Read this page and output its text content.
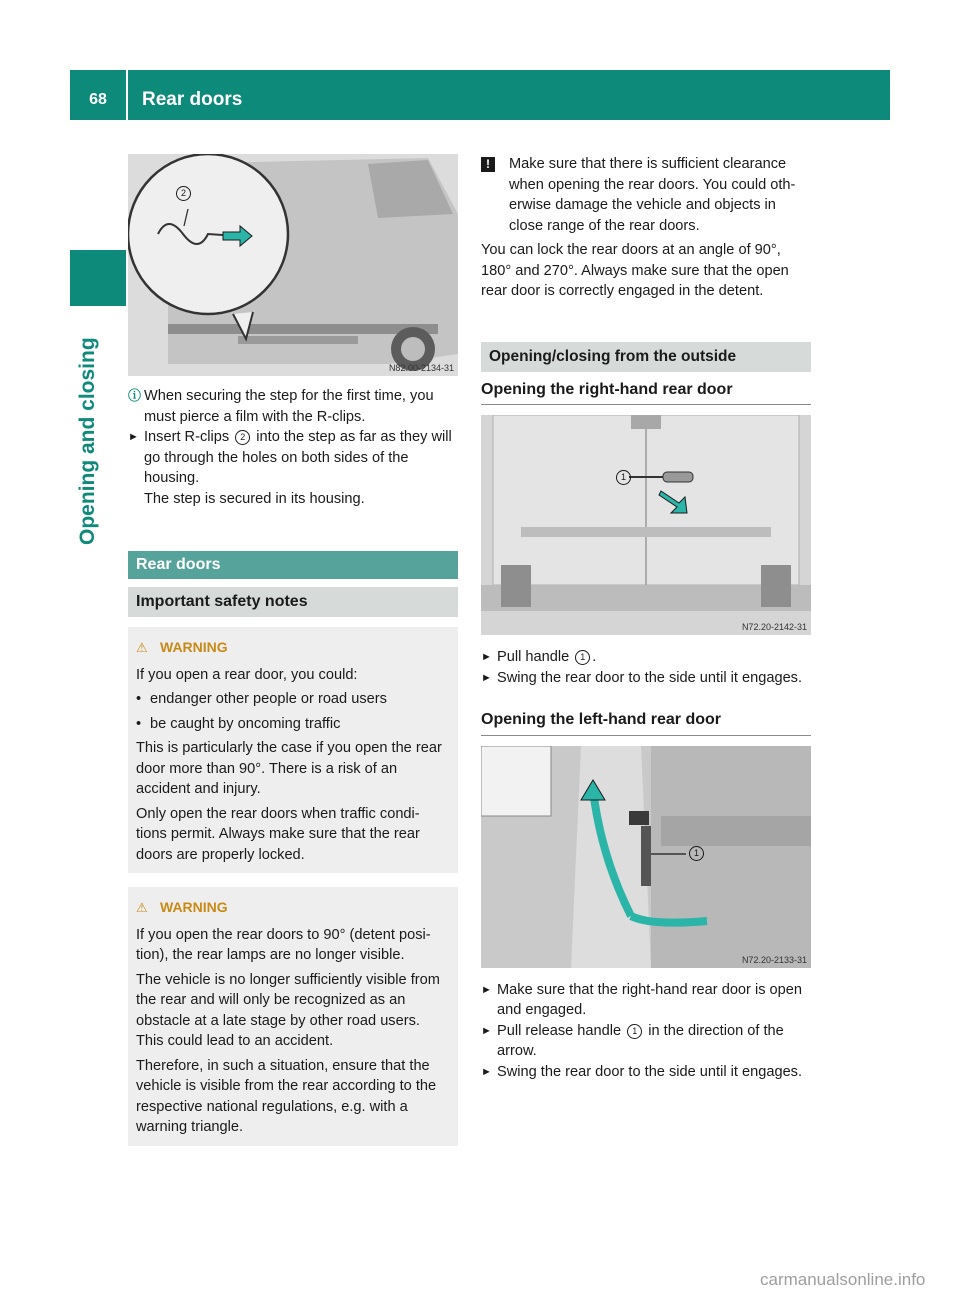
68	Rear doors
Opening and closing
2
N82.00-2134-31
ⓘ When securing the step for the first time, you must pierce a film with the R-clips.
► Insert R-clips 2 into the step as far as they will go through the holes on both sides of the housing.
The step is secured in its housing.
Rear doors
Important safety notes
⚠ WARNING

If you open a rear door, you could:

• endanger other people or road users
• be caught by oncoming traffic

This is particularly the case if you open the rear door more than 90°. There is a risk of an accident and injury.

Only open the rear doors when traffic condi- tions permit. Always make sure that the rear doors are properly locked.

⚠ WARNING

If you open the rear doors to 90° (detent posi- tion), the rear lamps are no longer visible.

The vehicle is no longer sufficiently visible from the rear and will only be recognized as an obstacle at a late stage by other road users. This could lead to an accident.

Therefore, in such a situation, ensure that the vehicle is visible from the rear according to the respective national regulations, e.g. with a warning triangle.

!	Make sure that there is sufficient clearance when opening the rear doors. You could oth- erwise damage the vehicle and objects in close range of the rear doors.

You can lock the rear doors at an angle of 90°, 180° and 270°. Always make sure that the open rear door is correctly engaged in the detent.

Opening/closing from the outside
Opening the right-hand rear door
1
N72.20-2142-31
► Pull handle 1 .
► Swing the rear door to the side until it engages.
Opening the left-hand rear door
1
N72.20-2133-31
► Make sure that the right-hand rear door is open and engaged.
► Pull release handle 1 in the direction of the arrow.
► Swing the rear door to the side until it engages.
carmanualsonline.info
